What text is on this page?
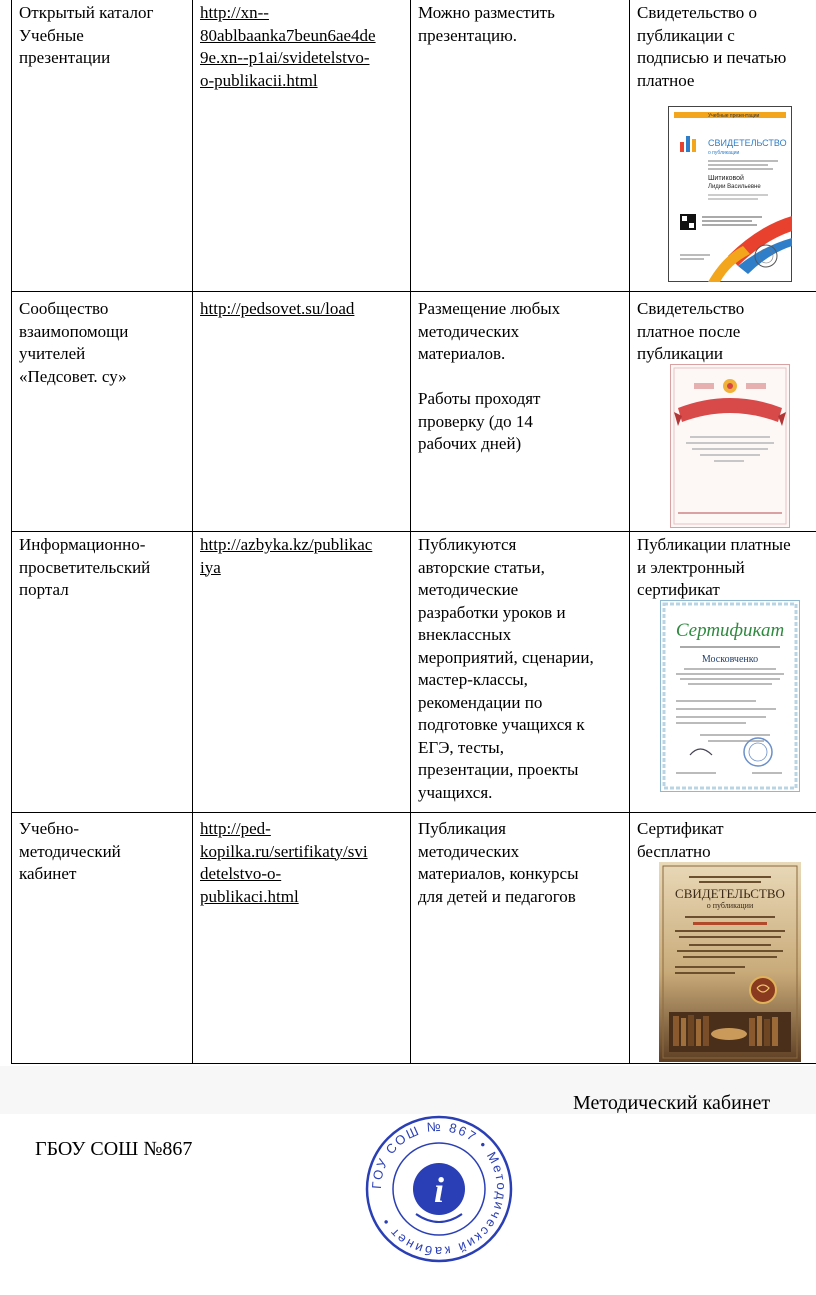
Открытый каталог
Учебные
презентации
http://xn--
80ablbaanka7beun6ae4de
9e.xn--p1ai/svidetelstvo-
o-publikacii.html
Можно разместить
презентацию.
Свидетельство о
публикации с
подписью и печатью
платное
Учебные презентации
СВИДЕТЕЛЬСТВО
о публикации
Шитиковой
Лидии Васильевне
Сообщество
взаимопомощи
учителей
«Педсовет. су»
http://pedsovet.su/load	Размещение любых
методических
материалов.
Работы проходят
проверку (до 14
рабочих дней)
Свидетельство
платное после
публикации
Информационно-
просветительский
портал
http://azbyka.kz/publikac
iya
Публикуются
авторские статьи,
методические
разработки уроков и
внеклассных
мероприятий, сценарии,
мастер-классы,
рекомендации по
подготовке учащихся к
ЕГЭ, тесты,
презентации, проекты
учащихся.
Публикации платные
и электронный
сертификат
Сертификат
Московченко
Учебно-
методический
кабинет
http://ped-
kopilka.ru/sertifikaty/svi
detelstvo-o-
publikaci.html
Публикация
методических
материалов, конкурсы
для детей и педагогов
Сертификат
бесплатно
СВИДЕТЕЛЬСТВО
о публикации
Методический кабинет
ГБОУ СОШ №867
ГОУ СОШ № 867 • Методический кабинет •
i
